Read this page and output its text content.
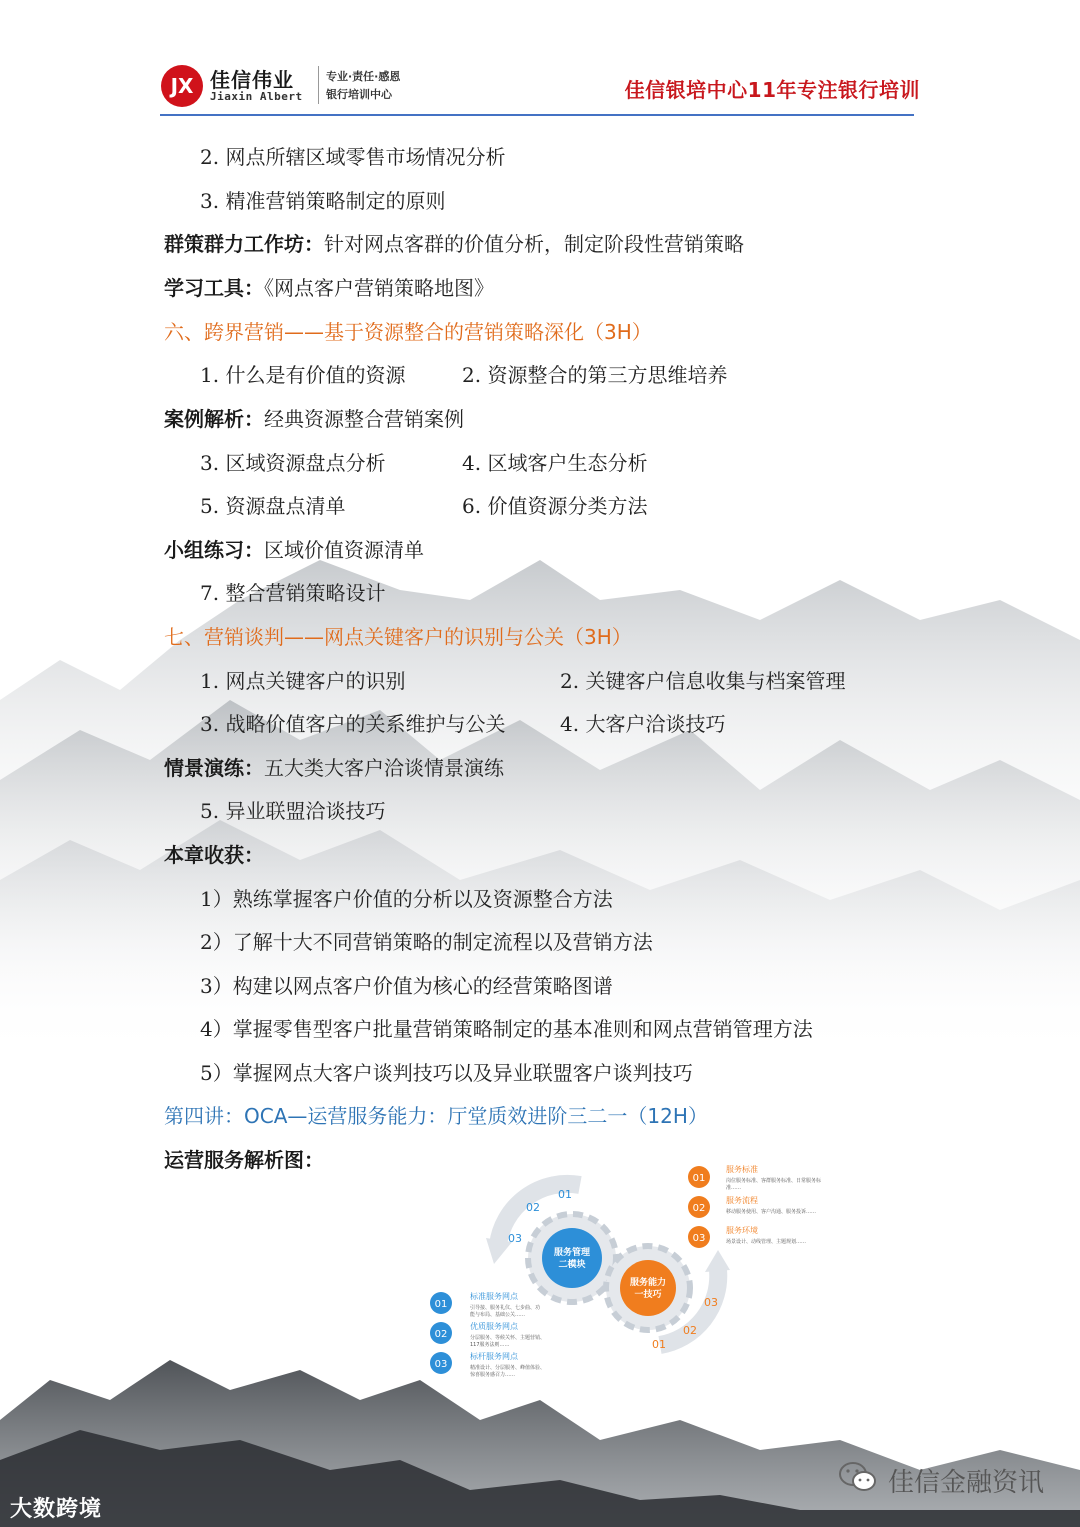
JX 佳信伟业
Jiaxin Albert
专业·责任·感恩
银行培训中心	佳信银培中心11年专注银行培训
2. 网点所辖区域零售市场情况分析
3. 精准营销策略制定的原则
群策群力工作坊：针对网点客群的价值分析，制定阶段性营销策略
学习工具：《网点客户营销策略地图》
六、跨界营销——基于资源整合的营销策略深化（3H）
1. 什么是有价值的资源	2. 资源整合的第三方思维培养
案例解析：经典资源整合营销案例
3. 区域资源盘点分析	4. 区域客户生态分析
5. 资源盘点清单	6. 价值资源分类方法
小组练习：区域价值资源清单
7. 整合营销策略设计
七、营销谈判——网点关键客户的识别与公关（3H）
1. 网点关键客户的识别	2. 关键客户信息收集与档案管理
3. 战略价值客户的关系维护与公关	4. 大客户洽谈技巧
情景演练：五大类大客户洽谈情景演练
5. 异业联盟洽谈技巧
本章收获：
1）熟练掌握客户价值的分析以及资源整合方法
2）了解十大不同营销策略的制定流程以及营销方法
3）构建以网点客户价值为核心的经营策略图谱
4）掌握零售型客户批量营销策略制定的基本准则和网点营销管理方法
5）掌握网点大客户谈判技巧以及异业联盟客户谈判技巧
第四讲：OCA—运营服务能力：厅堂质效进阶三二一（12H）
运营服务解析图：
01
02
03
01
02
03
服务管理
二模块
服务能力
一技巧
01
服务标准
岗位服务标准、客群服务标准、日常服务标
准……
02
服务流程
移动服务使用、客户沟通、服务投诉……
03
服务环境
场景设计、动线管理、主题规划……
01
标准服务网点
引导接、服务礼仪、七步曲、功
能与布局、基础公关……
02
优质服务网点
分层服务、等候关怀、主题营销、
117服务法则……
03
标杆服务网点
精准设计、分层服务、峰值体验、
惊喜服务感召力……
大数跨境
佳信金融资讯
